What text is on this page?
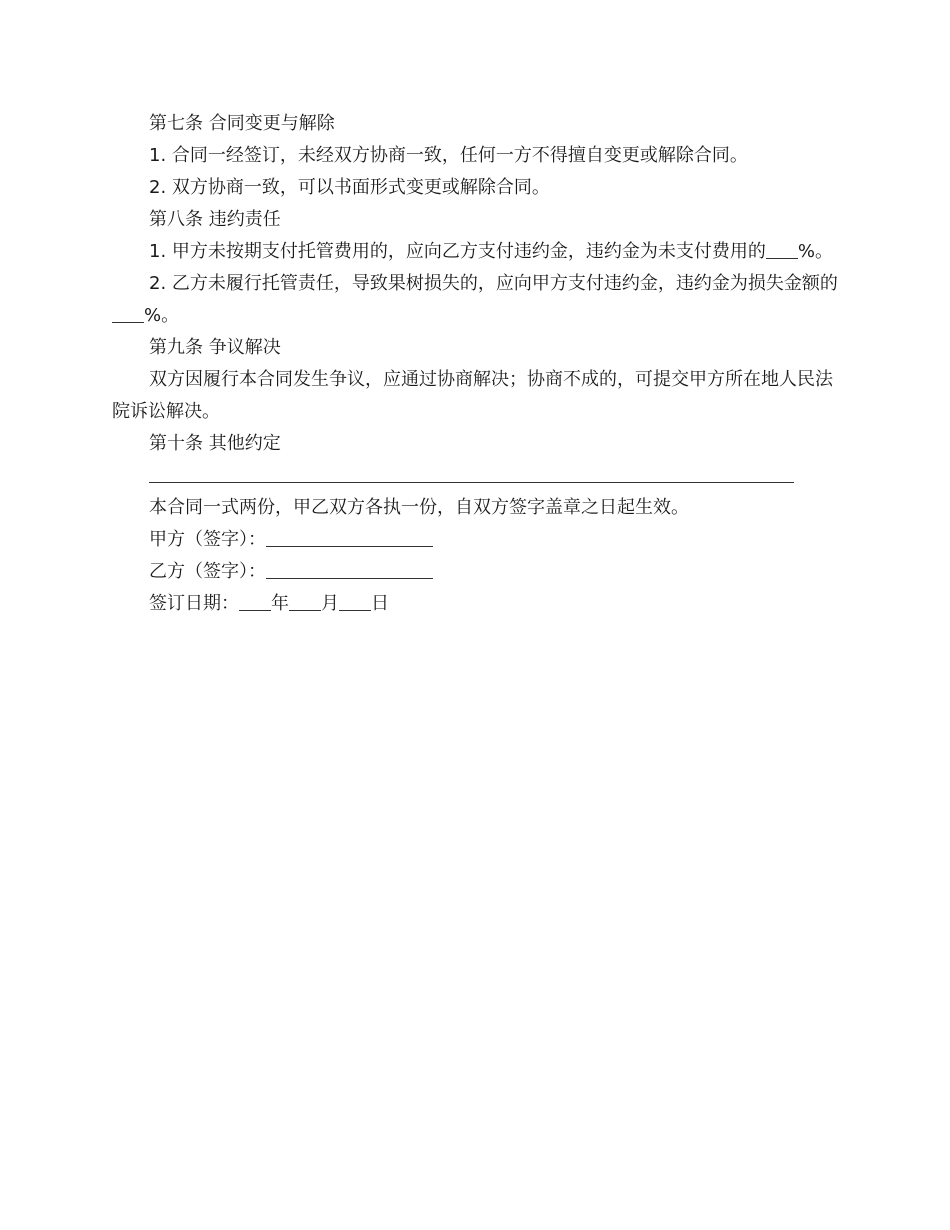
第七条 合同变更与解除

1. 合同一经签订，未经双方协商一致，任何一方不得擅自变更或解除合同。

2. 双方协商一致，可以书面形式变更或解除合同。

第八条 违约责任

1. 甲方未按期支付托管费用的，应向乙方支付违约金，违约金为未支付费用的 %。

2. 乙方未履行托管责任，导致果树损失的，应向甲方支付违约金，违约金为损失金额的%。

第九条 争议解决

双方因履行本合同发生争议，应通过协商解决；协商不成的，可提交甲方所在地人民法院诉讼解决。

第十条 其他约定

本合同一式两份，甲乙双方各执一份，自双方签字盖章之日起生效。

甲方（签字）：

乙方（签字）：

签订日期： 年 月 日
